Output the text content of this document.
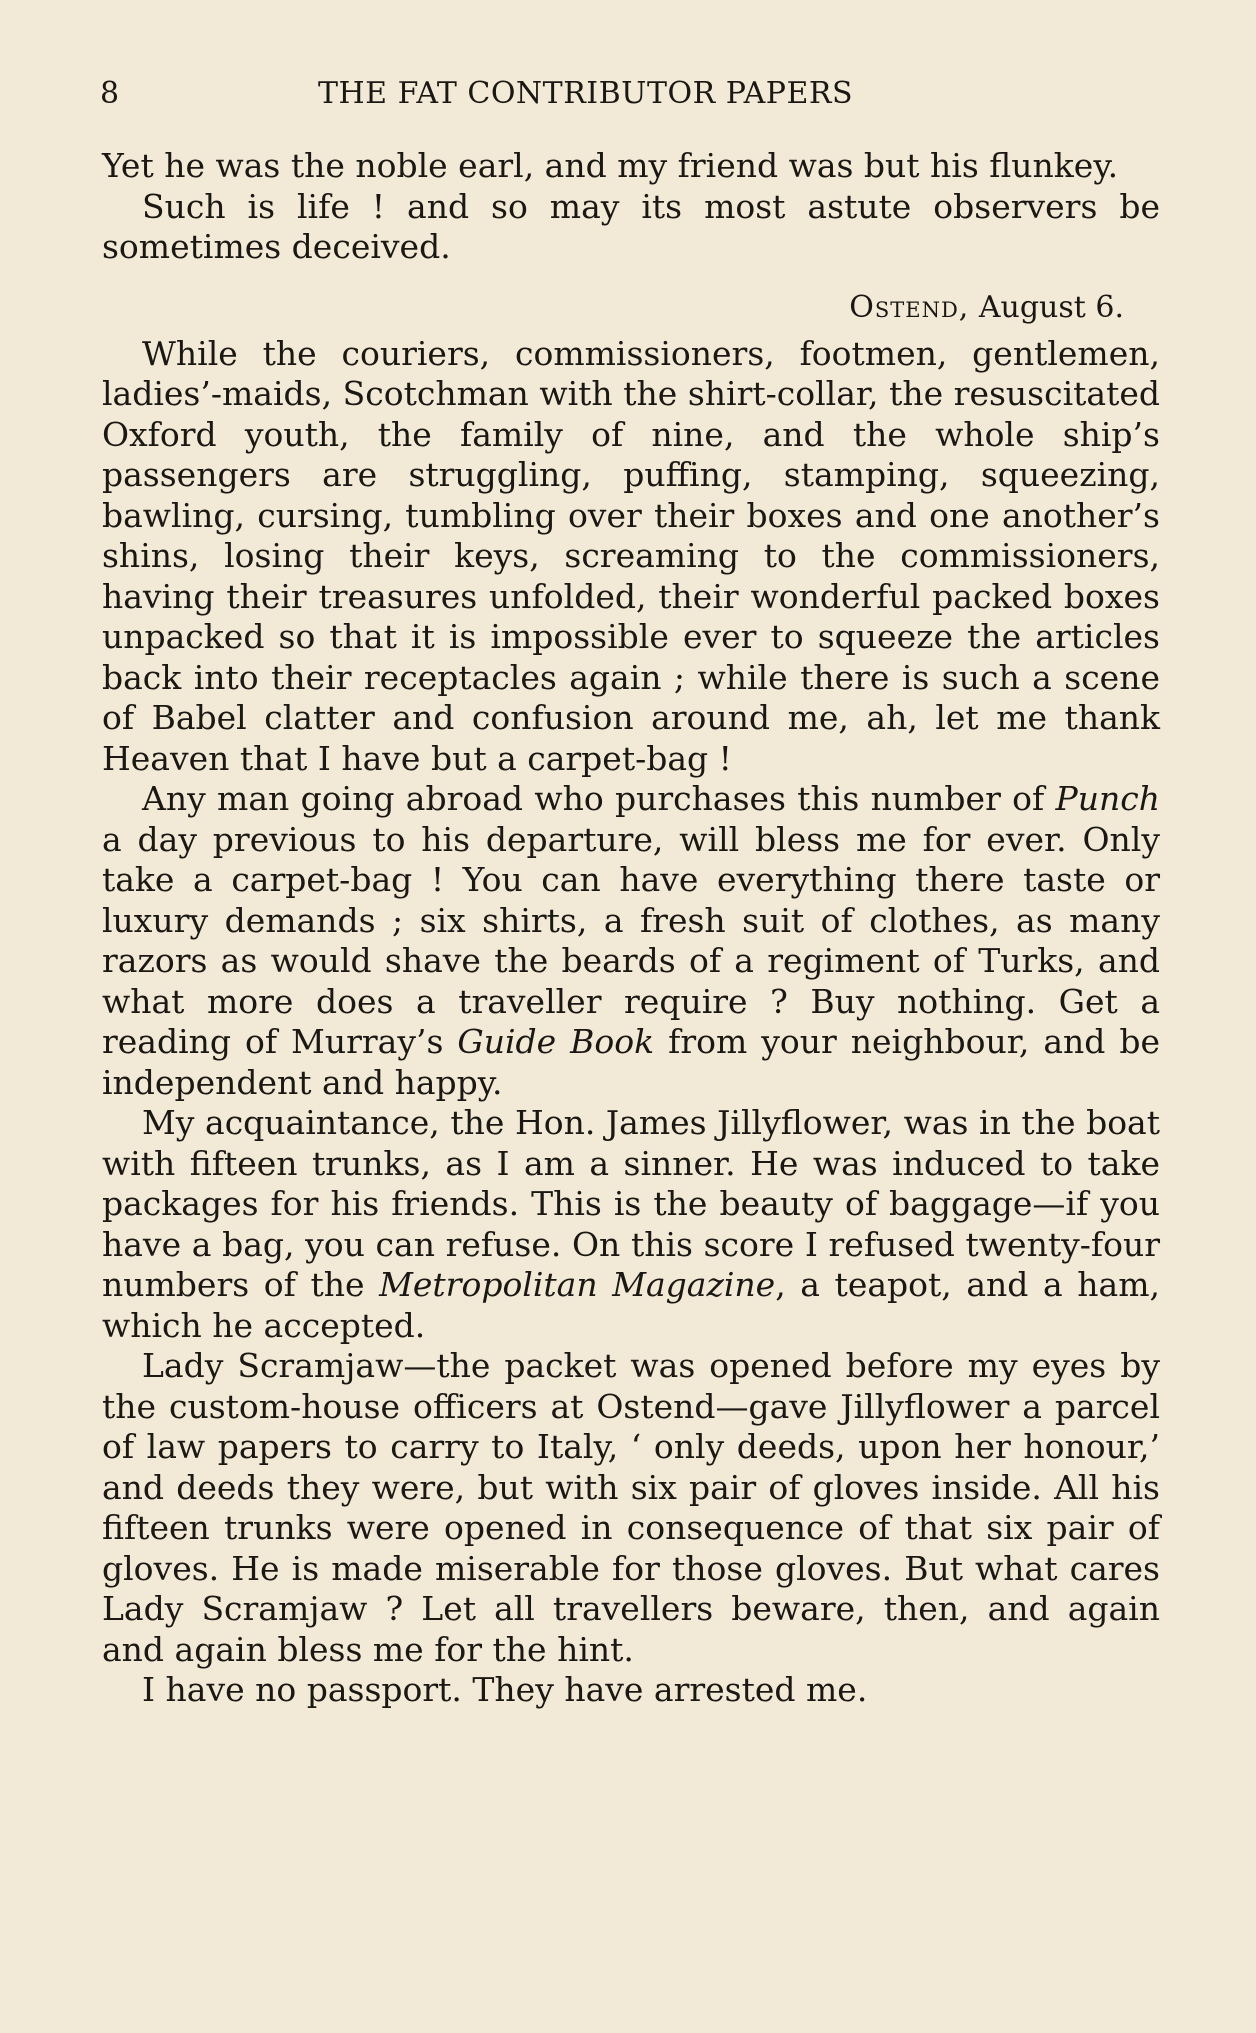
8	THE FAT CONTRIBUTOR PAPERS

Yet he was the noble earl, and my friend was but his flunkey.

Such is life ! and so may its most astute observers be sometimes deceived.

Ostend, August 6.

While the couriers, commissioners, footmen, gentlemen, ladies’-maids, Scotchman with the shirt-collar, the resuscitated Oxford youth, the family of nine, and the whole ship’s passengers are struggling, puffing, stamping, squeezing, bawling, cursing, tumbling over their boxes and one another’s shins, losing their keys, screaming to the commissioners, having their treasures unfolded, their wonderful packed boxes unpacked so that it is impossible ever to squeeze the articles back into their receptacles again ; while there is such a scene of Babel clatter and confusion around me, ah, let me thank Heaven that I have but a carpet-bag !

Any man going abroad who purchases this number of Punch a day previous to his departure, will bless me for ever. Only take a carpet-bag ! You can have everything there taste or luxury demands ; six shirts, a fresh suit of clothes, as many razors as would shave the beards of a regiment of Turks, and what more does a traveller require ? Buy nothing. Get a reading of Murray’s Guide Book from your neighbour, and be independent and happy.

My acquaintance, the Hon. James Jillyflower, was in the boat with fifteen trunks, as I am a sinner. He was induced to take packages for his friends. This is the beauty of baggage—if you have a bag, you can refuse. On this score I refused twenty-four numbers of the Metropolitan Magazine, a teapot, and a ham, which he accepted.

Lady Scramjaw—the packet was opened before my eyes by the custom-house officers at Ostend—gave Jillyflower a parcel of law papers to carry to Italy, ‘ only deeds, upon her honour,’ and deeds they were, but with six pair of gloves inside. All his fifteen trunks were opened in consequence of that six pair of gloves. He is made miserable for those gloves. But what cares Lady Scramjaw ? Let all travellers beware, then, and again and again bless me for the hint.

I have no passport. They have arrested me.
